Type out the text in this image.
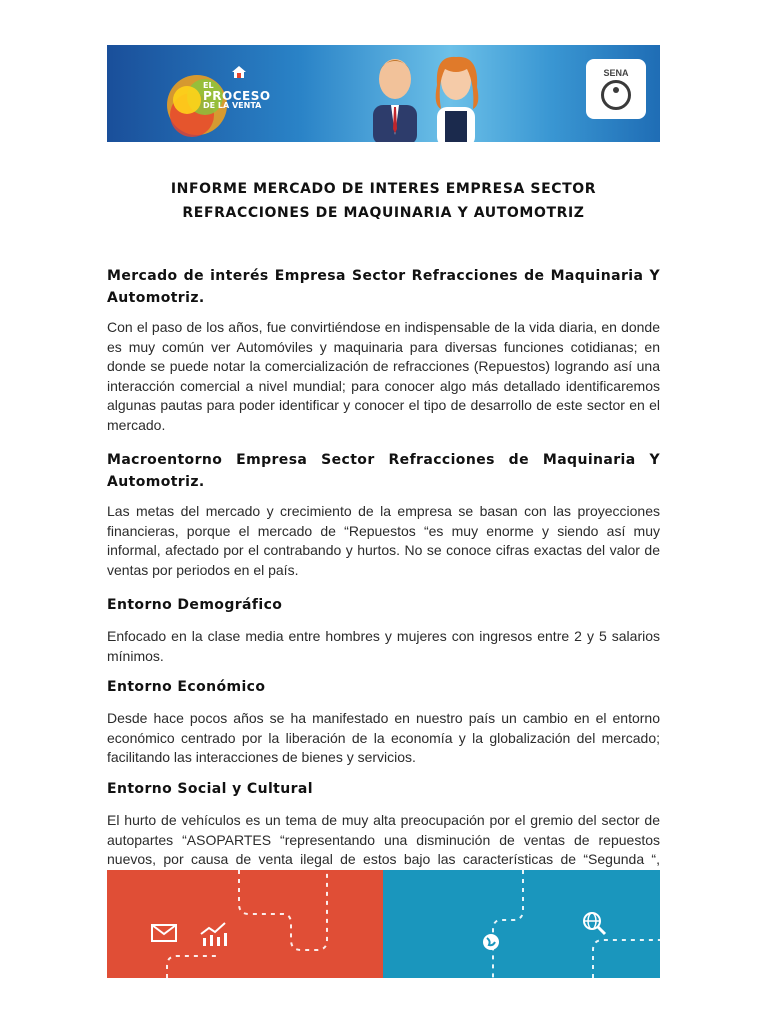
EL
PROCESO
DE LA VENTA
SENA
INFORME MERCADO DE INTERES EMPRESA SECTOR
REFRACCIONES DE MAQUINARIA Y AUTOMOTRIZ
Mercado de interés Empresa Sector Refracciones de Maquinaria Y Automotriz.

Con el paso de los años, fue convirtiéndose en indispensable de la vida diaria, en donde es muy común ver Automóviles y maquinaria para diversas funciones cotidianas; en donde se puede notar la comercialización de refracciones (Repuestos) logrando así una interacción comercial a nivel mundial; para conocer algo más detallado identificaremos algunas pautas para poder identificar y conocer el tipo de desarrollo de este sector en el mercado.

Macroentorno Empresa Sector Refracciones de Maquinaria Y Automotriz.

Las metas del mercado y crecimiento de la empresa se basan con las proyecciones financieras, porque el mercado de “Repuestos “es muy enorme y siendo así muy informal, afectado por el contrabando y hurtos. No se conoce cifras exactas del valor de ventas por periodos en el país.

Entorno Demográfico

Enfocado en la clase media entre hombres y mujeres con ingresos entre 2 y 5 salarios mínimos.

Entorno Económico

Desde hace pocos años se ha manifestado en nuestro país un cambio en el entorno económico centrado por la liberación de la economía y la globalización del mercado; facilitando las interacciones de bienes y servicios.

Entorno Social y Cultural

El hurto de vehículos es un tema de muy alta preocupación por el gremio del sector de autopartes “ASOPARTES “representando una disminución de ventas de repuestos nuevos, por causa de venta ilegal de estos bajo las características de “Segunda “,
